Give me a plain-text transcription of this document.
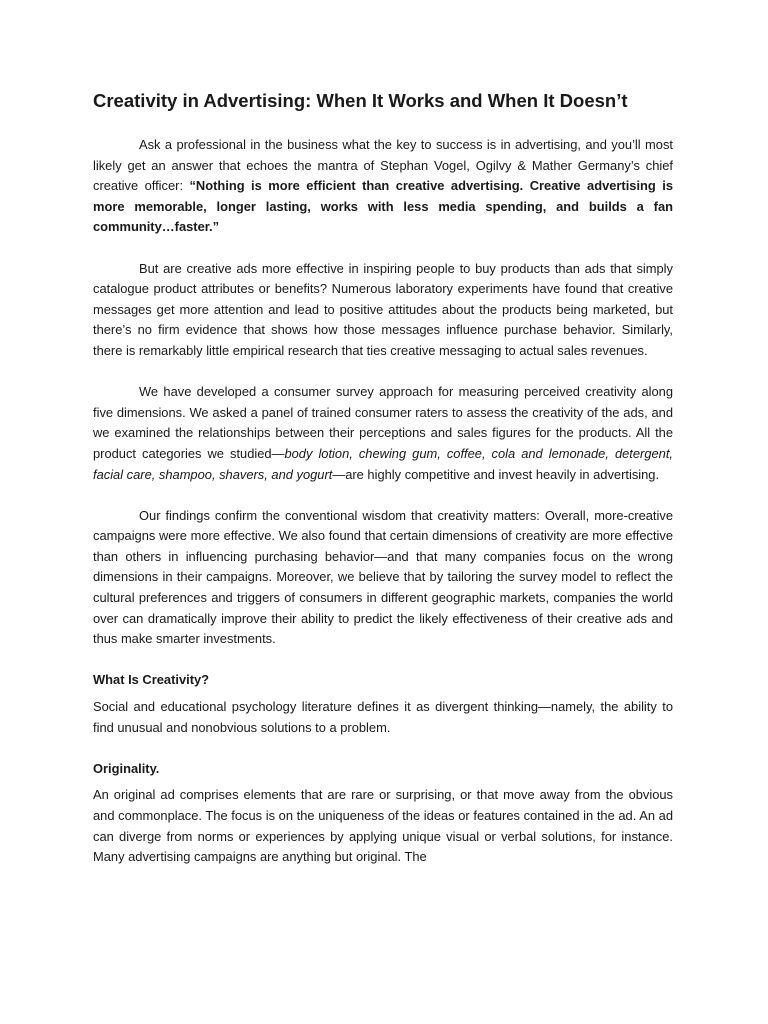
Creativity in Advertising: When It Works and When It Doesn’t

Ask a professional in the business what the key to success is in advertising, and you’ll most likely get an answer that echoes the mantra of Stephan Vogel, Ogilvy & Mather Germany’s chief creative officer: “Nothing is more efficient than creative advertising. Creative advertising is more memorable, longer lasting, works with less media spending, and builds a fan community…faster.”

But are creative ads more effective in inspiring people to buy products than ads that simply catalogue product attributes or benefits? Numerous laboratory experiments have found that creative messages get more attention and lead to positive attitudes about the products being marketed, but there’s no firm evidence that shows how those messages influence purchase behavior. Similarly, there is remarkably little empirical research that ties creative messaging to actual sales revenues.

We have developed a consumer survey approach for measuring perceived creativity along five dimensions. We asked a panel of trained consumer raters to assess the creativity of the ads, and we examined the relationships between their perceptions and sales figures for the products. All the product categories we studied—body lotion, chewing gum, coffee, cola and lemonade, detergent, facial care, shampoo, shavers, and yogurt—are highly competitive and invest heavily in advertising.

Our findings confirm the conventional wisdom that creativity matters: Overall, more-creative campaigns were more effective. We also found that certain dimensions of creativity are more effective than others in influencing purchasing behavior—and that many companies focus on the wrong dimensions in their campaigns. Moreover, we believe that by tailoring the survey model to reflect the cultural preferences and triggers of consumers in different geographic markets, companies the world over can dramatically improve their ability to predict the likely effectiveness of their creative ads and thus make smarter investments.

What Is Creativity?

Social and educational psychology literature defines it as divergent thinking—namely, the ability to find unusual and nonobvious solutions to a problem.

Originality.

An original ad comprises elements that are rare or surprising, or that move away from the obvious and commonplace. The focus is on the uniqueness of the ideas or features contained in the ad. An ad can diverge from norms or experiences by applying unique visual or verbal solutions, for instance. Many advertising campaigns are anything but original. The
